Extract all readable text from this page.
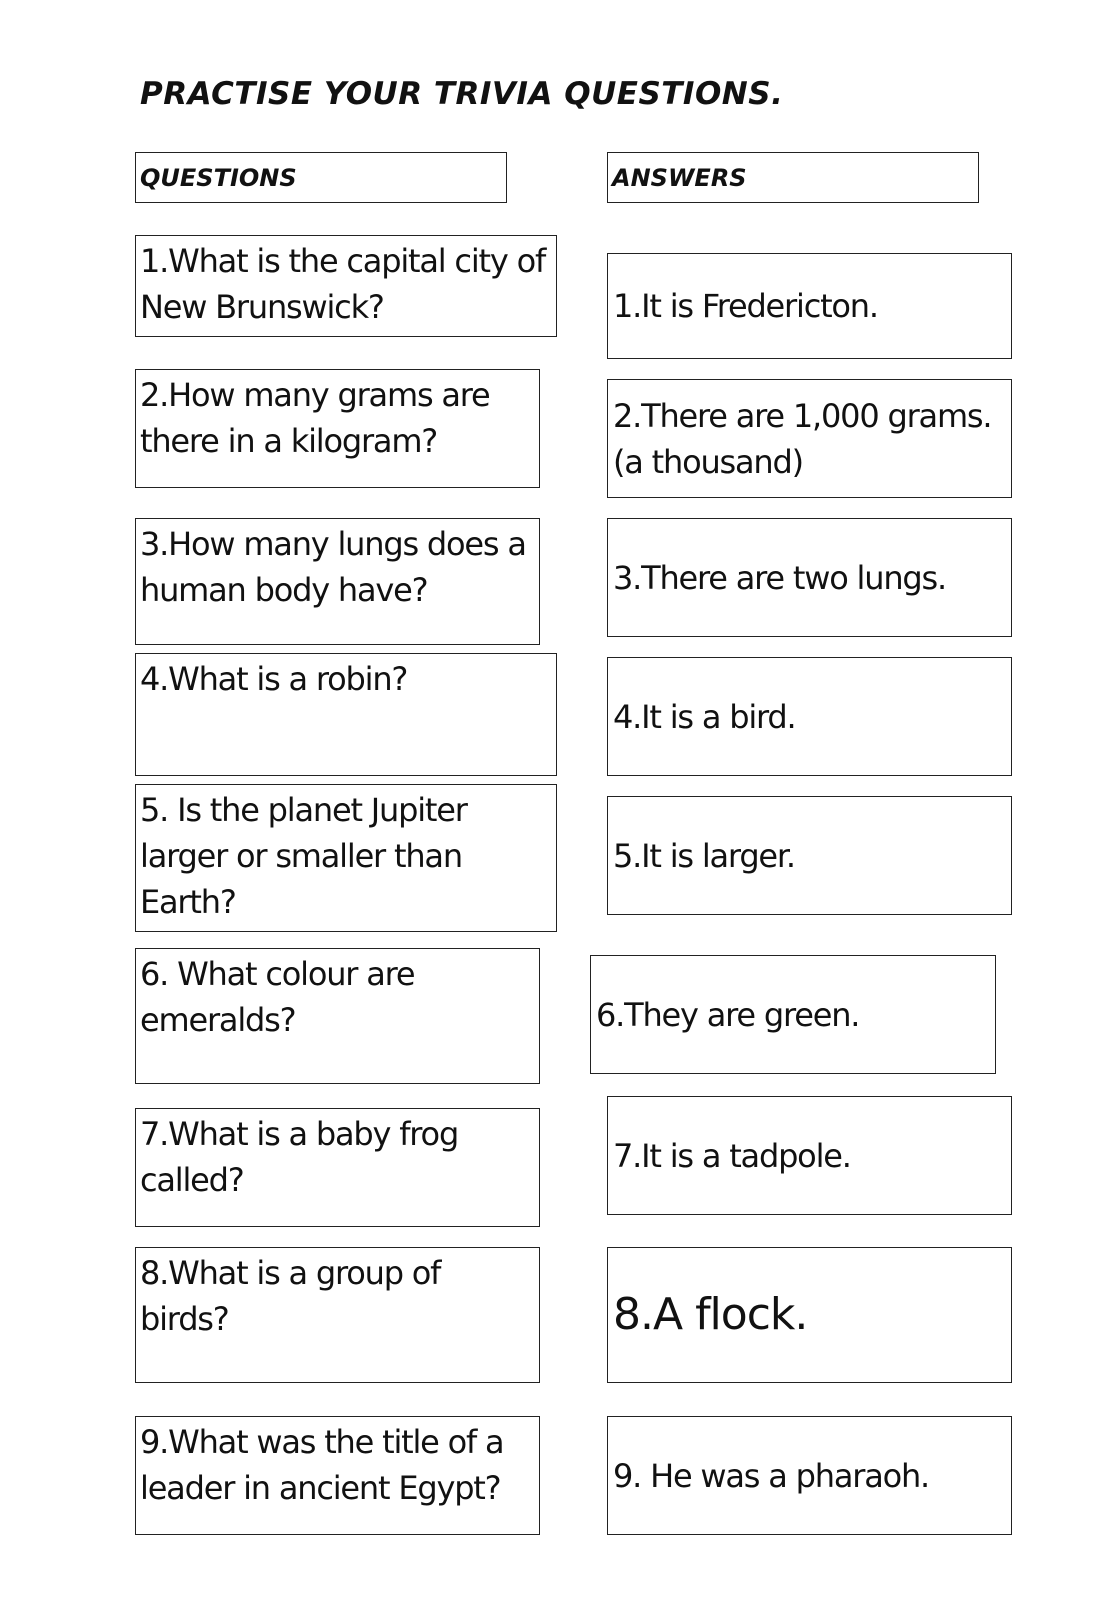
PRACTISE YOUR TRIVIA QUESTIONS.
QUESTIONS	ANSWERS
1.What is the capital city of New Brunswick?
2.How many grams are there in a kilogram?
3.How many lungs does a human body have?
4.What is a robin?
5. Is the planet Jupiter larger or smaller than Earth?
6. What colour are emeralds?
7.What is a baby frog called?
8.What is a group of birds?
9.What was the title of a leader in ancient Egypt?
1.It is Fredericton.
2.There are 1,000 grams.(a thousand)
3.There are two lungs.
4.It is a bird.
5.It is larger.
6.They are green.
7.It is a tadpole.
8.A flock.
9. He was a pharaoh.
